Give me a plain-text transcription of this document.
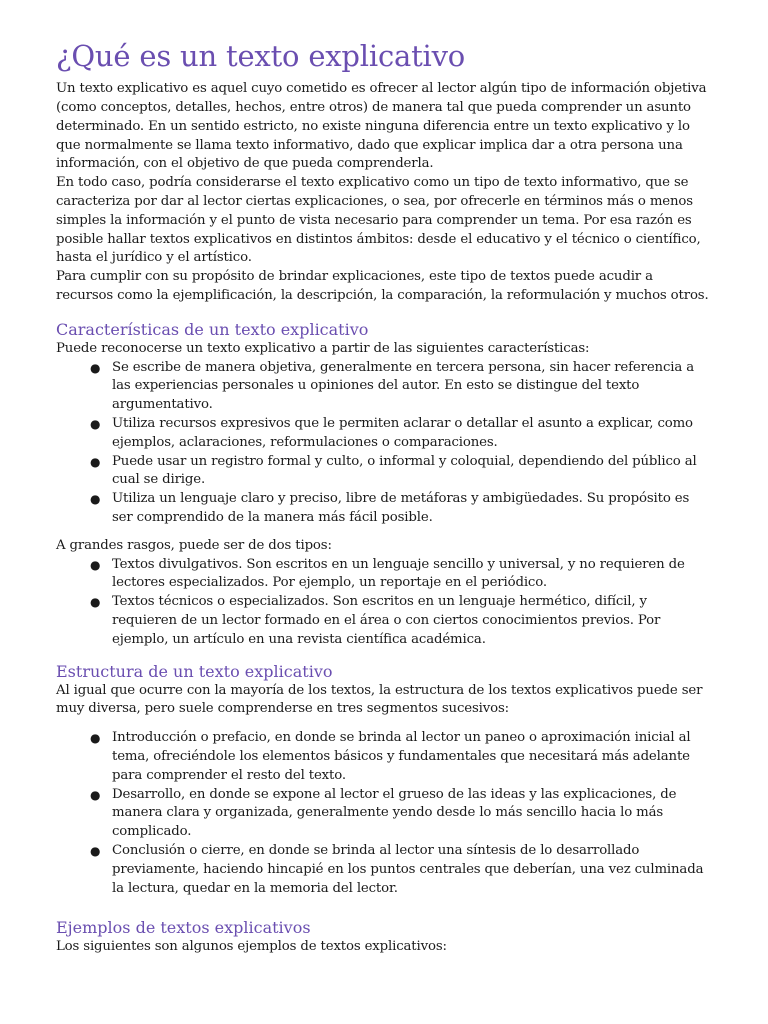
¿Qué es un texto explicativo

Un texto explicativo es aquel cuyo cometido es ofrecer al lector algún tipo de información objetiva (como conceptos, detalles, hechos, entre otros) de manera tal que pueda comprender un asunto determinado. En un sentido estricto, no existe ninguna diferencia entre un texto explicativo y lo que normalmente se llama texto informativo, dado que explicar implica dar a otra persona una información, con el objetivo de que pueda comprenderla.

En todo caso, podría considerarse el texto explicativo como un tipo de texto informativo, que se caracteriza por dar al lector ciertas explicaciones, o sea, por ofrecerle en términos más o menos simples la información y el punto de vista necesario para comprender un tema. Por esa razón es posible hallar textos explicativos en distintos ámbitos: desde el educativo y el técnico o científico, hasta el jurídico y el artístico.

Para cumplir con su propósito de brindar explicaciones, este tipo de textos puede acudir a recursos como la ejemplificación, la descripción, la comparación, la reformulación y muchos otros.

Características de un texto explicativo

Puede reconocerse un texto explicativo a partir de las siguientes características:

● Se escribe de manera objetiva, generalmente en tercera persona, sin hacer referencia a las experiencias personales u opiniones del autor. En esto se distingue del texto argumentativo.
● Utiliza recursos expresivos que le permiten aclarar o detallar el asunto a explicar, como ejemplos, aclaraciones, reformulaciones o comparaciones.
● Puede usar un registro formal y culto, o informal y coloquial, dependiendo del público al cual se dirige.
● Utiliza un lenguaje claro y preciso, libre de metáforas y ambigüedades. Su propósito es ser comprendido de la manera más fácil posible.

A grandes rasgos, puede ser de dos tipos:

● Textos divulgativos. Son escritos en un lenguaje sencillo y universal, y no requieren de lectores especializados. Por ejemplo, un reportaje en el periódico.
● Textos técnicos o especializados. Son escritos en un lenguaje hermético, difícil, y requieren de un lector formado en el área o con ciertos conocimientos previos. Por ejemplo, un artículo en una revista científica académica.
Estructura de un texto explicativo

Al igual que ocurre con la mayoría de los textos, la estructura de los textos explicativos puede ser muy diversa, pero suele comprenderse en tres segmentos sucesivos:

● Introducción o prefacio, en donde se brinda al lector un paneo o aproximación inicial al tema, ofreciéndole los elementos básicos y fundamentales que necesitará más adelante para comprender el resto del texto.
● Desarrollo, en donde se expone al lector el grueso de las ideas y las explicaciones, de manera clara y organizada, generalmente yendo desde lo más sencillo hacia lo más complicado.
● Conclusión o cierre, en donde se brinda al lector una síntesis de lo desarrollado previamente, haciendo hincapié en los puntos centrales que deberían, una vez culminada la lectura, quedar en la memoria del lector.
Ejemplos de textos explicativos

Los siguientes son algunos ejemplos de textos explicativos:
